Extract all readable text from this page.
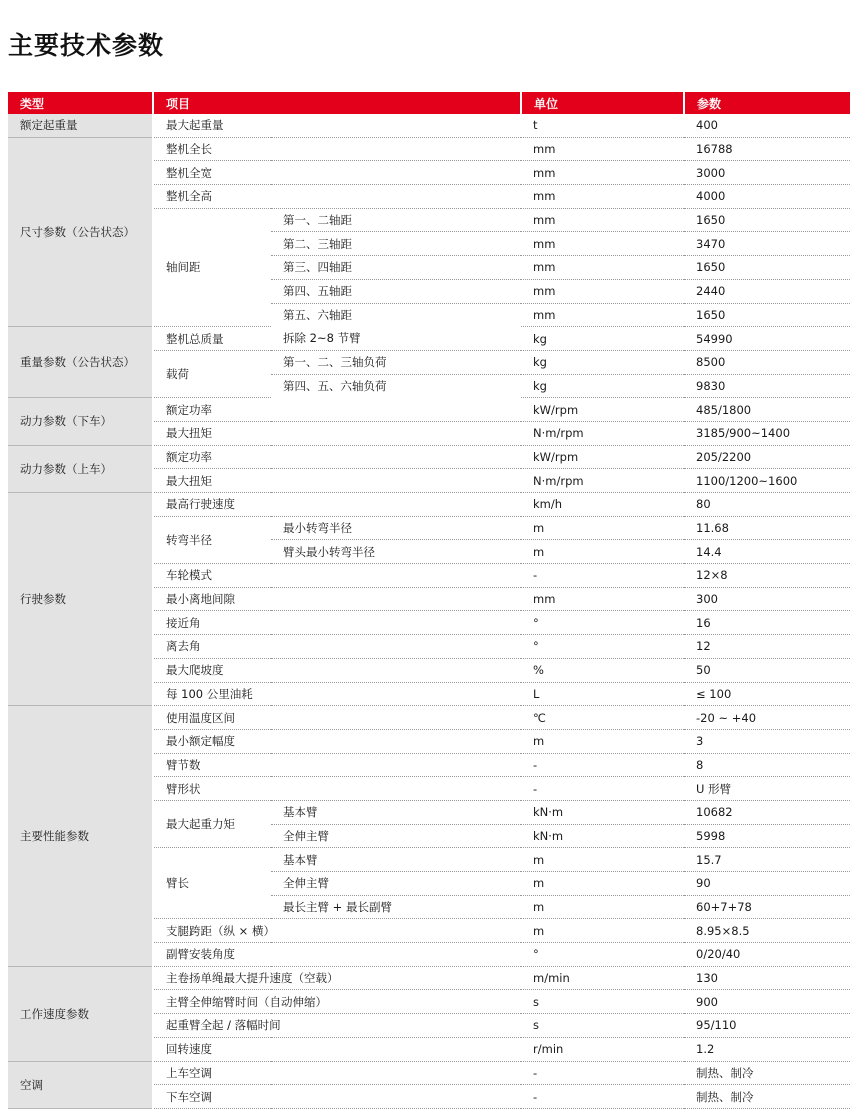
主要技术参数
类型	项目		单位	参数
额定起重量	最大起重量		t	400
尺寸参数（公告状态）	整机全长		mm	16788
	整机全宽		mm	3000
	整机全高		mm	4000
	轴间距	第一、二轴距	mm	1650
		第二、三轴距	mm	3470
		第三、四轴距	mm	1650
		第四、五轴距	mm	2440
		第五、六轴距	mm	1650
重量参数（公告状态）	整机总质量	拆除 2~8 节臂	kg	54990
	载荷	第一、二、三轴负荷	kg	8500
		第四、五、六轴负荷	kg	9830
动力参数（下车）	额定功率		kW/rpm	485/1800
	最大扭矩		N·m/rpm	3185/900~1400
动力参数（上车）	额定功率		kW/rpm	205/2200
	最大扭矩		N·m/rpm	1100/1200~1600
行驶参数	最高行驶速度		km/h	80
	转弯半径	最小转弯半径	m	11.68
		臂头最小转弯半径	m	14.4
	车轮模式		-	12×8
	最小离地间隙		mm	300
	接近角		°	16
	离去角		°	12
	最大爬坡度		%	50
	每 100 公里油耗		L	≤ 100
主要性能参数	使用温度区间		℃	-20 ~ +40
	最小额定幅度		m	3
	臂节数		-	8
	臂形状		-	U 形臂
	最大起重力矩	基本臂	kN·m	10682
		全伸主臂	kN·m	5998
	臂长	基本臂	m	15.7
		全伸主臂	m	90
		最长主臂 + 最长副臂	m	60+7+78
	支腿跨距（纵 × 横）		m	8.95×8.5
	副臂安装角度		°	0/20/40
工作速度参数	主卷扬单绳最大提升速度（空载）		m/min	130
	主臂全伸缩臂时间（自动伸缩）		s	900
	起重臂全起 / 落幅时间		s	95/110
	回转速度		r/min	1.2
空调	上车空调		-	制热、制冷
	下车空调		-	制热、制冷
